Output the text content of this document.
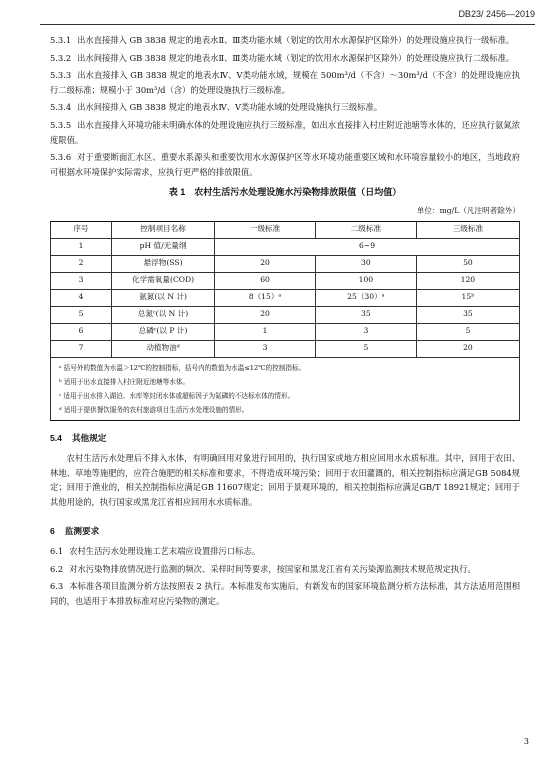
DB23/ 2456—2019

5.3.1 出水直接排入 GB 3838 规定的地表水Ⅱ、Ⅲ类功能水域（划定的饮用水水源保护区除外）的处理设施应执行一级标准。

5.3.2 出水间接排入 GB 3838 规定的地表水Ⅱ、Ⅲ类功能水域（划定的饮用水水源保护区除外）的处理设施应执行二级标准。

5.3.3 出水直接排入 GB 3838 规定的地表水Ⅳ、Ⅴ类功能水域，规模在 500m³/d（不含）～30m³/d（不含）的处理设施应执行二级标准；规模小于 30m³/d（含）的处理设施执行三级标准。

5.3.4 出水间接排入 GB 3838 规定的地表水Ⅳ、Ⅴ类功能水域的处理设施执行三级标准。

5.3.5 出水直接排入环境功能未明确水体的处理设施应执行三级标准，如出水直接排入村庄附近池塘等水体的，还应执行氨氮浓度限值。

5.3.6 对于重要断面汇水区、重要水系源头和重要饮用水水源保护区等水环境功能重要区域和水环境容量较小的地区，当地政府可根据水环境保护实际需求，应执行更严格的排放限值。

表 1　农村生活污水处理设施水污染物排放限值（日均值）
单位：mg/L（凡注明者除外）
序号	控制项目名称	一级标准	二级标准	三级标准
1	pH 值/无量纲	6~9		
2	悬浮物(SS)	20	30	50
3	化学需氧量(COD)	60	100	120
4	氨氮(以 N 计)	8（15）ᵃ	25（30）ᵃ	15ᵇ
5	总氮ᶜ(以 N 计)	20	35	35
6	总磷ᶜ(以 P 计)	1	3	5
7	动植物油ᵈ	3	5	20

ᵃ 括号外的数值为水温＞12℃的控制指标，括号内的数值为水温≤12℃的控制指标。
ᵇ 适用于出水直接排入村庄附近池塘等水体。
ᶜ 适用于出水排入湖泊、水库等封闭水体或超标因子为氮磷的不达标水体的情形。
ᵈ 适用于提供餐饮服务的农村旅游项目生活污水处理设施的情形。				
5.4 其他规定

农村生活污水处理后不排入水体，有明确回用对象进行回用的，执行国家或地方相应回用水水质标准。其中，回用于农田、林地、草地等施肥的，应符合施肥的相关标准和要求，不得造成环境污染；回用于农田灌溉的，相关控制指标应满足GB 5084规定；回用于渔业的，相关控制指标应满足GB 11607规定；回用于景观环境的，相关控制指标应满足GB/T 18921规定；回用于其他用途的，执行国家或黑龙江省相应回用水水质标准。

6 监测要求

6.1 农村生活污水处理设施工艺末端应设置排污口标志。

6.2 对水污染物排放情况进行监测的频次、采样时间等要求，按国家和黑龙江省有关污染源监测技术规范规定执行。

6.3 本标准各项目监测分析方法按照表 2 执行。本标准发布实施后，有新发布的国家环境监测分析方法标准，其方法适用范围相同的，也适用于本排放标准对应污染物的测定。

3
